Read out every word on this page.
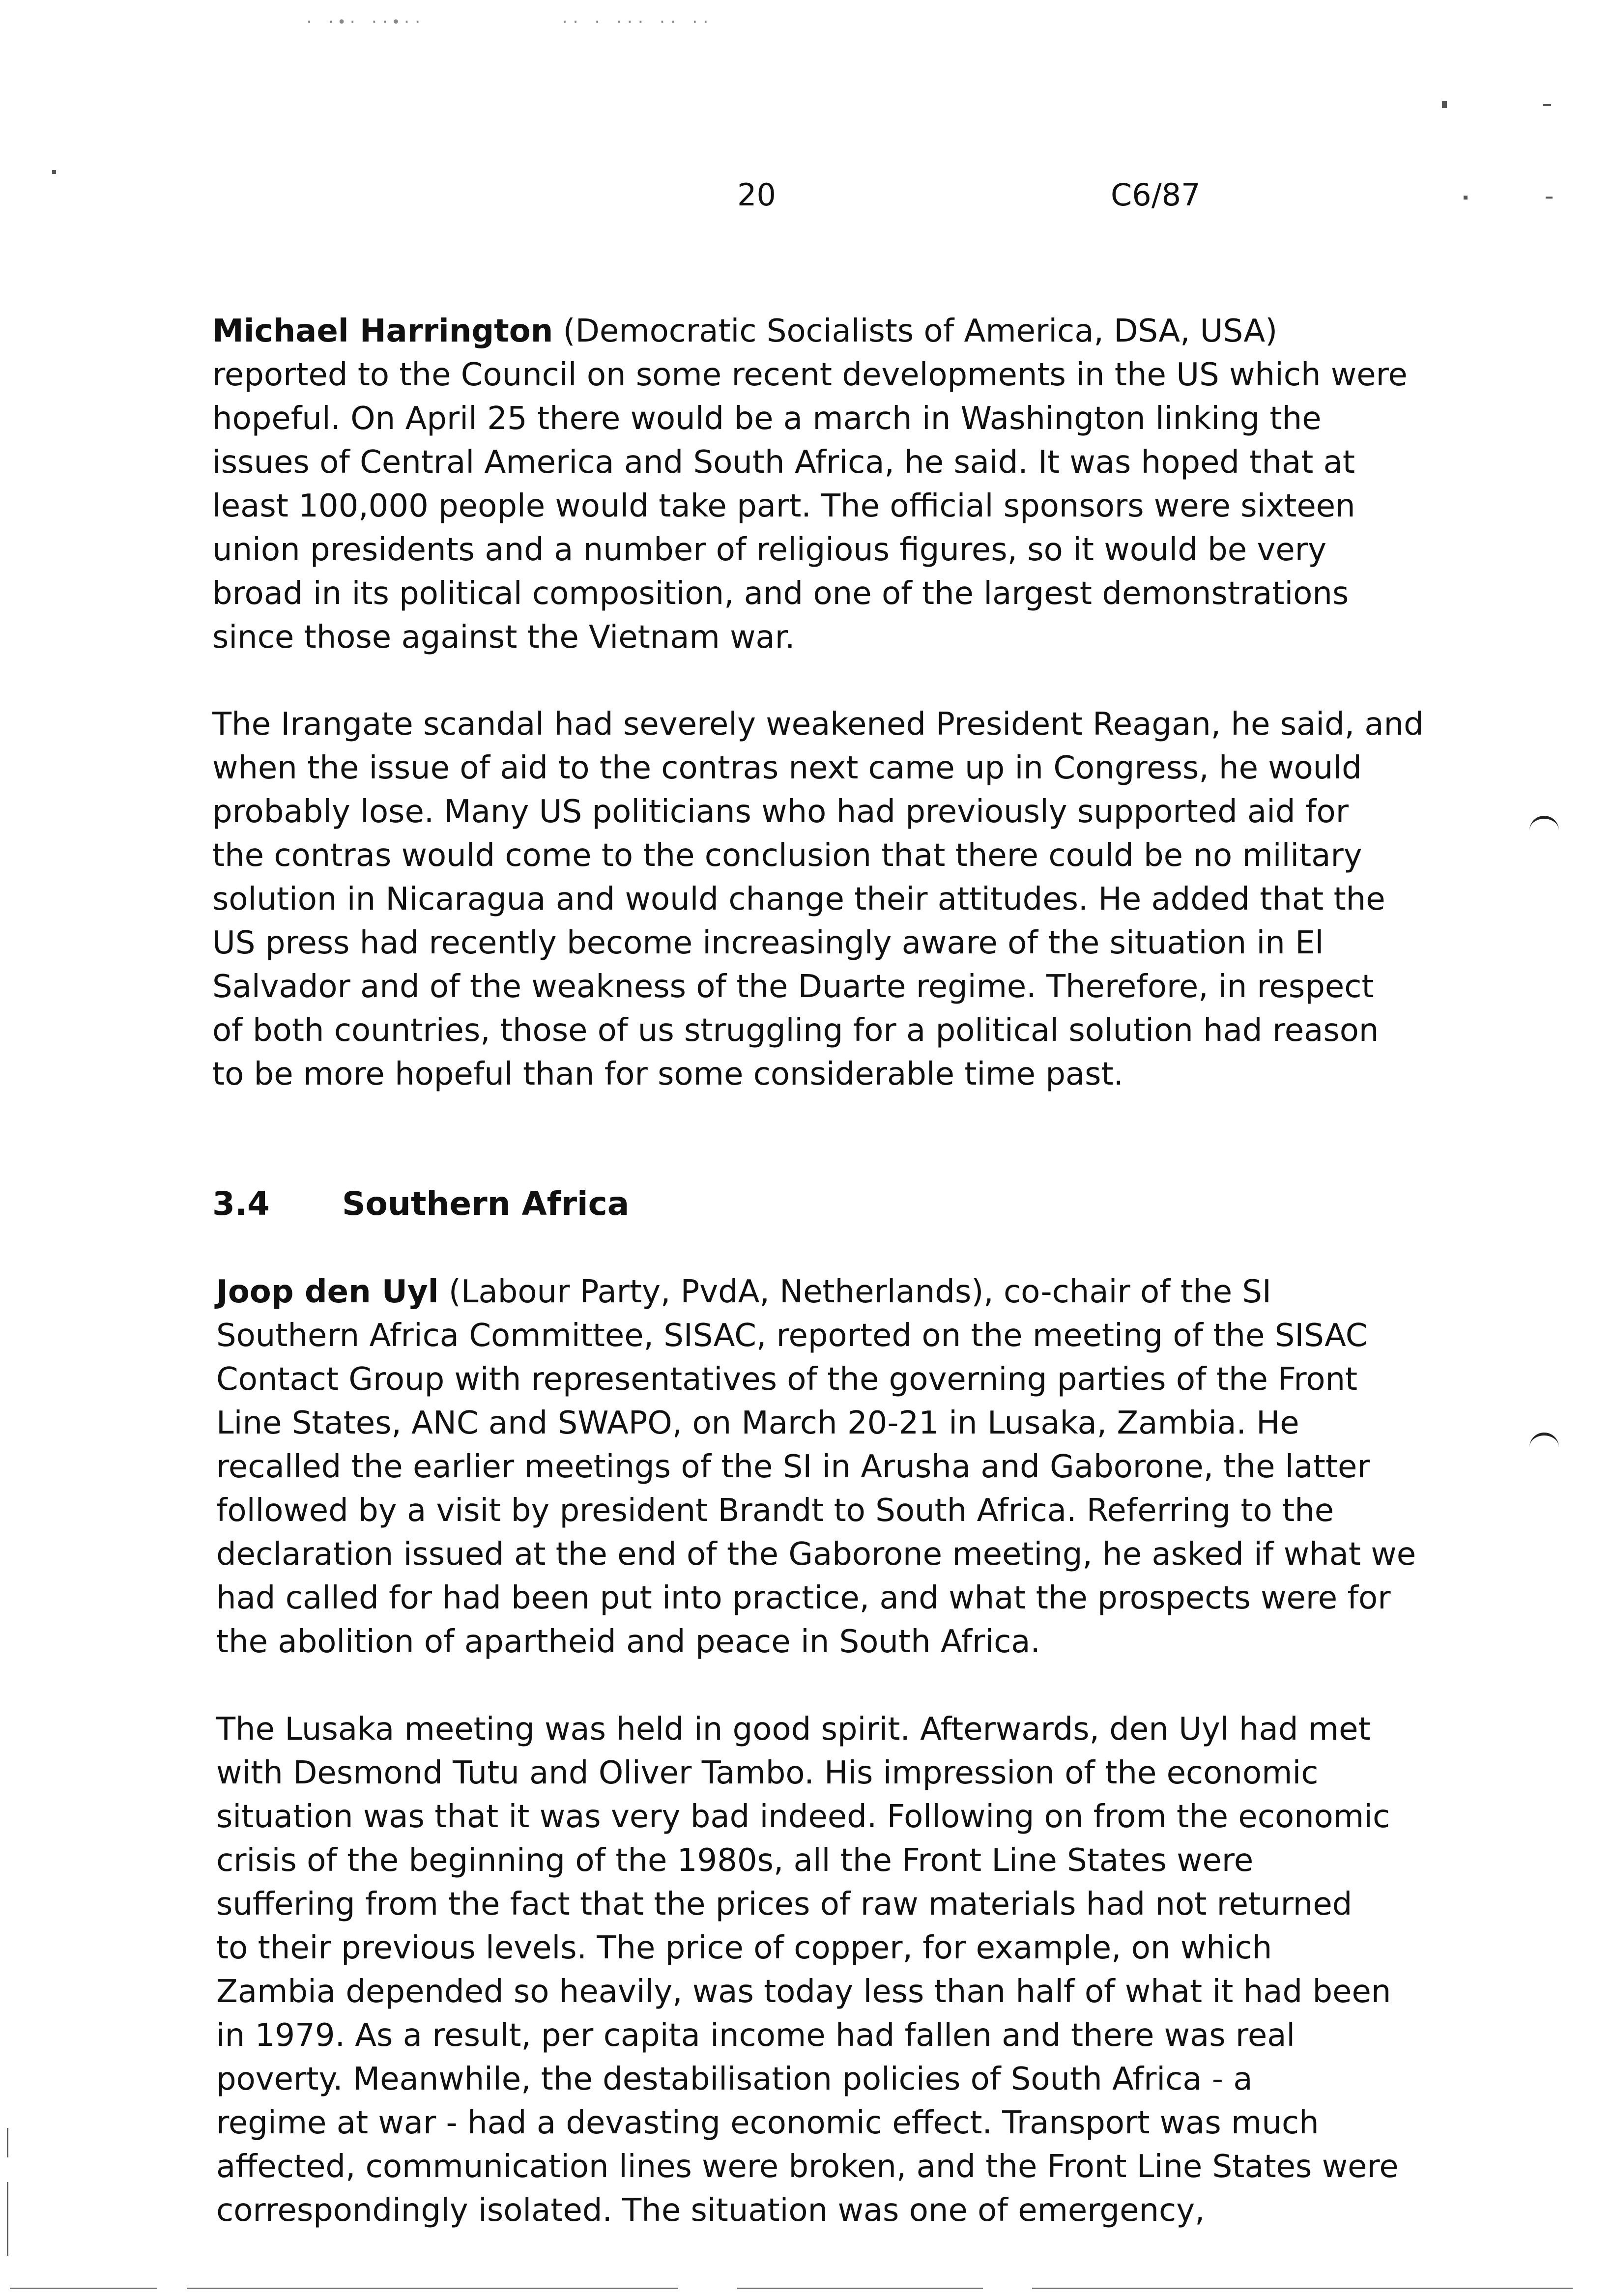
· ·•· ··•··	·· · ··· ·· ··
20	C6/87

Michael Harrington (Democratic Socialists of America, DSA, USA)
reported to the Council on some recent developments in the US which were
hopeful. On April 25 there would be a march in Washington linking the
issues of Central America and South Africa, he said. It was hoped that at
least 100,000 people would take part. The official sponsors were sixteen
union presidents and a number of religious figures, so it would be very
broad in its political composition, and one of the largest demonstrations
since those against the Vietnam war.

The Irangate scandal had severely weakened President Reagan, he said, and
when the issue of aid to the contras next came up in Congress, he would
probably lose. Many US politicians who had previously supported aid for
the contras would come to the conclusion that there could be no military
solution in Nicaragua and would change their attitudes. He added that the
US press had recently become increasingly aware of the situation in El
Salvador and of the weakness of the Duarte regime. Therefore, in respect
of both countries, those of us struggling for a political solution had reason
to be more hopeful than for some considerable time past.

3.4 Southern Africa

Joop den Uyl (Labour Party, PvdA, Netherlands), co-chair of the SI
Southern Africa Committee, SISAC, reported on the meeting of the SISAC
Contact Group with representatives of the governing parties of the Front
Line States, ANC and SWAPO, on March 20-21 in Lusaka, Zambia. He
recalled the earlier meetings of the SI in Arusha and Gaborone, the latter
followed by a visit by president Brandt to South Africa. Referring to the
declaration issued at the end of the Gaborone meeting, he asked if what we
had called for had been put into practice, and what the prospects were for
the abolition of apartheid and peace in South Africa.

The Lusaka meeting was held in good spirit. Afterwards, den Uyl had met
with Desmond Tutu and Oliver Tambo. His impression of the economic
situation was that it was very bad indeed. Following on from the economic
crisis of the beginning of the 1980s, all the Front Line States were
suffering from the fact that the prices of raw materials had not returned
to their previous levels. The price of copper, for example, on which
Zambia depended so heavily, was today less than half of what it had been
in 1979. As a result, per capita income had fallen and there was real
poverty. Meanwhile, the destabilisation policies of South Africa - a
regime at war - had a devasting economic effect. Transport was much
affected, communication lines were broken, and the Front Line States were
correspondingly isolated. The situation was one of emergency,
